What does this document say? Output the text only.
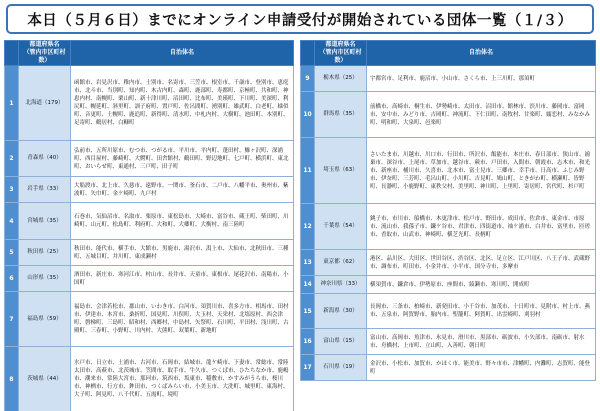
本日（５月６日）までにオンライン申請受付が開始されている団体一覧（１/３）
	都道府県名
（管内市区町村数）	自治体名
1	北海道（179）	函館市、岩見沢市、稚内市、士別市、名寄市、三笠市、根室市、千歳市、登別市、恵庭市、北斗市、当別町、知内町、木古内町、森町、鹿部町、寿都町、京極町、共和町、神恵内村、南幌町、栗山町、新十津川町、沼田町、比布町、美瑛町、下川町、美深町、利尻町、幌延町、斜里町、訓子府町、置戸町、佐呂間町、湧別町、雄武町、白老町、様似町、音更町、士幌町、鹿追町、新得町、清水町、中札内村、大樹町、池田町、本別町、足寄町、鶴居村、白糠町
2	青森県（40）	弘前市、五所川原市、むつ市、つがる市、平川市、平内町、蓬田村、鰺ヶ沢町、深浦町、西目屋村、藤崎町、大鰐町、田舎館村、鶴田町、野辺地町、七戸町、横浜町、東北町、おいらせ町、東通村、三戸町、田子町
3	岩手県（33）	大船渡市、北上市、久慈市、遠野市、一関市、釜石市、二戸市、八幡平市、奥州市、紫波町、矢巾町、金ケ崎町、九戸村
4	宮城県（35）	石巻市、気仙沼市、名取市、栗原市、東松島市、大崎市、富谷市、蔵王町、柴田町、川崎町、山元町、松島町、利府町、大和町、大郷町、大衡村、南三陸町
5	秋田県（25）	秋田市、能代市、横手市、大館市、男鹿市、湯沢市、潟上市、大仙市、北秋田市、三種町、五城目町、井川町、東成瀬村
6	山形県（35）	酒田市、新庄市、寒河江市、村山市、長井市、天童市、東根市、尾花沢市、南陽市、小国町
7	福島県（59）	福島市、会津若松市、郡山市、いわき市、白河市、須賀川市、喜多方市、相馬市、田村市、伊達市、本宮市、桑折町、国見町、川俣町、大玉村、天栄村、北塩原村、西会津町、磐梯町、三島町、昭和村、西郷村、中島村、矢祭町、石川町、平田村、浅川町、古殿町、三春町、小野町、川内村、大熊町、双葉町、新地町
8	茨城県（44）	水戸市、日立市、土浦市、古河市、石岡市、結城市、龍ケ崎市、下妻市、常総市、常陸太田市、高萩市、北茨城市、笠間市、取手市、牛久市、つくば市、ひたちなか市、鹿嶋市、潮来市、常陸大宮市、那珂市、筑西市、坂東市、稲敷市、かすみがうら市、桜川市、神栖市、行方市、鉾田市、つくばみらい市、小美玉市、大洗町、城里町、東海村、大子町、阿見町、八千代町、五霞町、境町
	都道府県名
（管内市区町村数）	自治体名
9	栃木県（25）	宇都宮市、足利市、鹿沼市、小山市、さくら市、上三川町、那須町
10	群馬県（35）	前橋市、高崎市、桐生市、伊勢崎市、太田市、沼田市、館林市、渋川市、藤岡市、富岡市、安中市、みどり市、吉岡町、神流町、下仁田町、南牧村、甘楽町、嬬恋村、みなかみ町、明和町、大泉町、邑楽町
11	埼玉県（63）	さいたま市、川越市、川口市、行田市、所沢市、飯能市、本庄市、春日部市、狭山市、鴻巣市、深谷市、上尾市、草加市、越谷市、蕨市、戸田市、入間市、朝霞市、志木市、和光市、新座市、桶川市、久喜市、北本市、富士見市、三郷市、幸手市、日高市、ふじみ野市、伊奈町、三芳町、毛呂山町、小川町、吉見町、鳩山町、ときがわ町、横瀬町、皆野町、長瀞町、小鹿野町、東秩父村、美里町、神川町、上里町、寄居町、宮代町、杉戸町
12	千葉県（54）	銚子市、市川市、船橋市、木更津市、松戸市、野田市、成田市、佐倉市、東金市、市原市、流山市、我孫子市、鎌ケ谷市、君津市、四街道市、袖ケ浦市、白井市、富里市、匝瑳市、香取市、山武市、神崎町、横芝光町、長柄町
13	東京都（62）	港区、品川区、大田区、世田谷区、渋谷区、北区、足立区、江戸川区、八王子市、武蔵野市、調布市、町田市、小金井市、小平市、国分寺市、多摩市
14	神奈川県（33）	横須賀市、鎌倉市、伊勢原市、座間市、綾瀬市、寒川町、開成町
15	新潟県（30）	長岡市、三条市、柏崎市、新発田市、小千谷市、加茂市、十日町市、見附市、村上市、燕市、五泉市、阿賀野市、胎内市、聖籠町、阿賀町、出雲崎町、刈羽村
16	富山県（15）	富山市、高岡市、魚津市、氷見市、滑川市、黒部市、砺波市、小矢部市、南砺市、射水市、舟橋村、上市町、立山町、入善町、朝日町
17	石川県（19）	金沢市、小松市、加賀市、かほく市、能美市、野々市市、津幡町、内灘町、志賀町、能登町
